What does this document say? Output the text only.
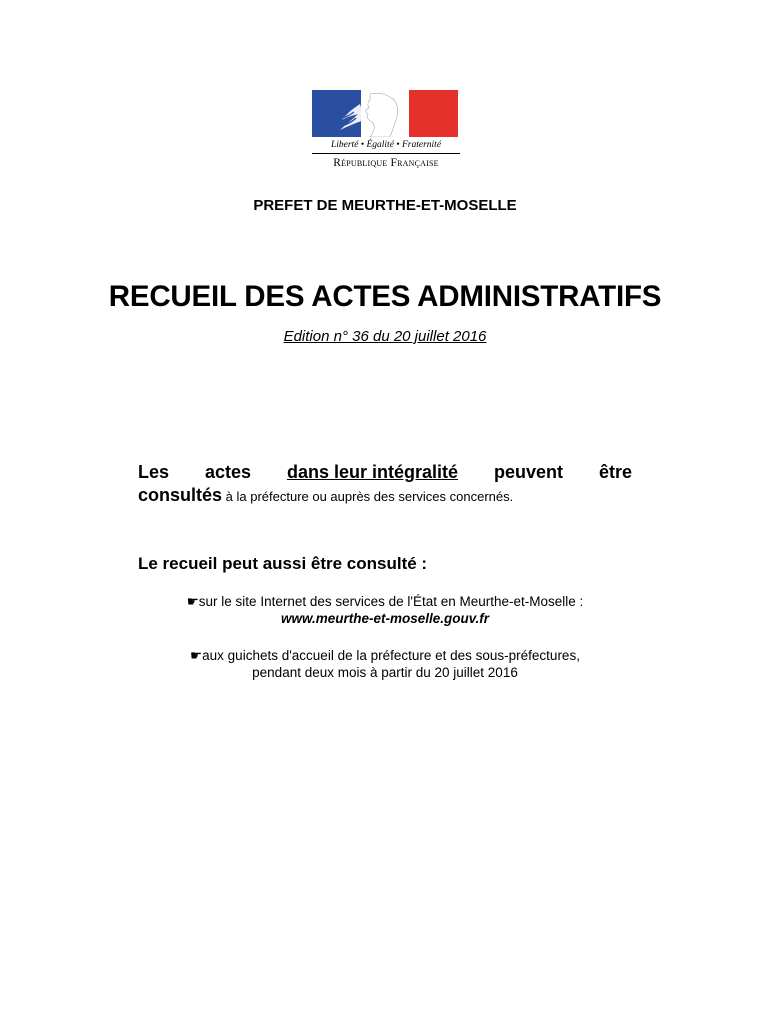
Liberté • Égalité • Fraternité
République Française
PREFET DE MEURTHE-ET-MOSELLE
RECUEIL DES ACTES ADMINISTRATIFS
Edition n° 36 du 20 juillet 2016
Les actes dans leur intégralité peuvent être
consultés à la préfecture ou auprès des services concernés.
Le recueil peut aussi être consulté :
☛sur le site Internet des services de l'État en Meurthe-et-Moselle :
www.meurthe-et-moselle.gouv.fr
☛aux guichets d'accueil de la préfecture et des sous-préfectures,
pendant deux mois à partir du 20 juillet 2016
